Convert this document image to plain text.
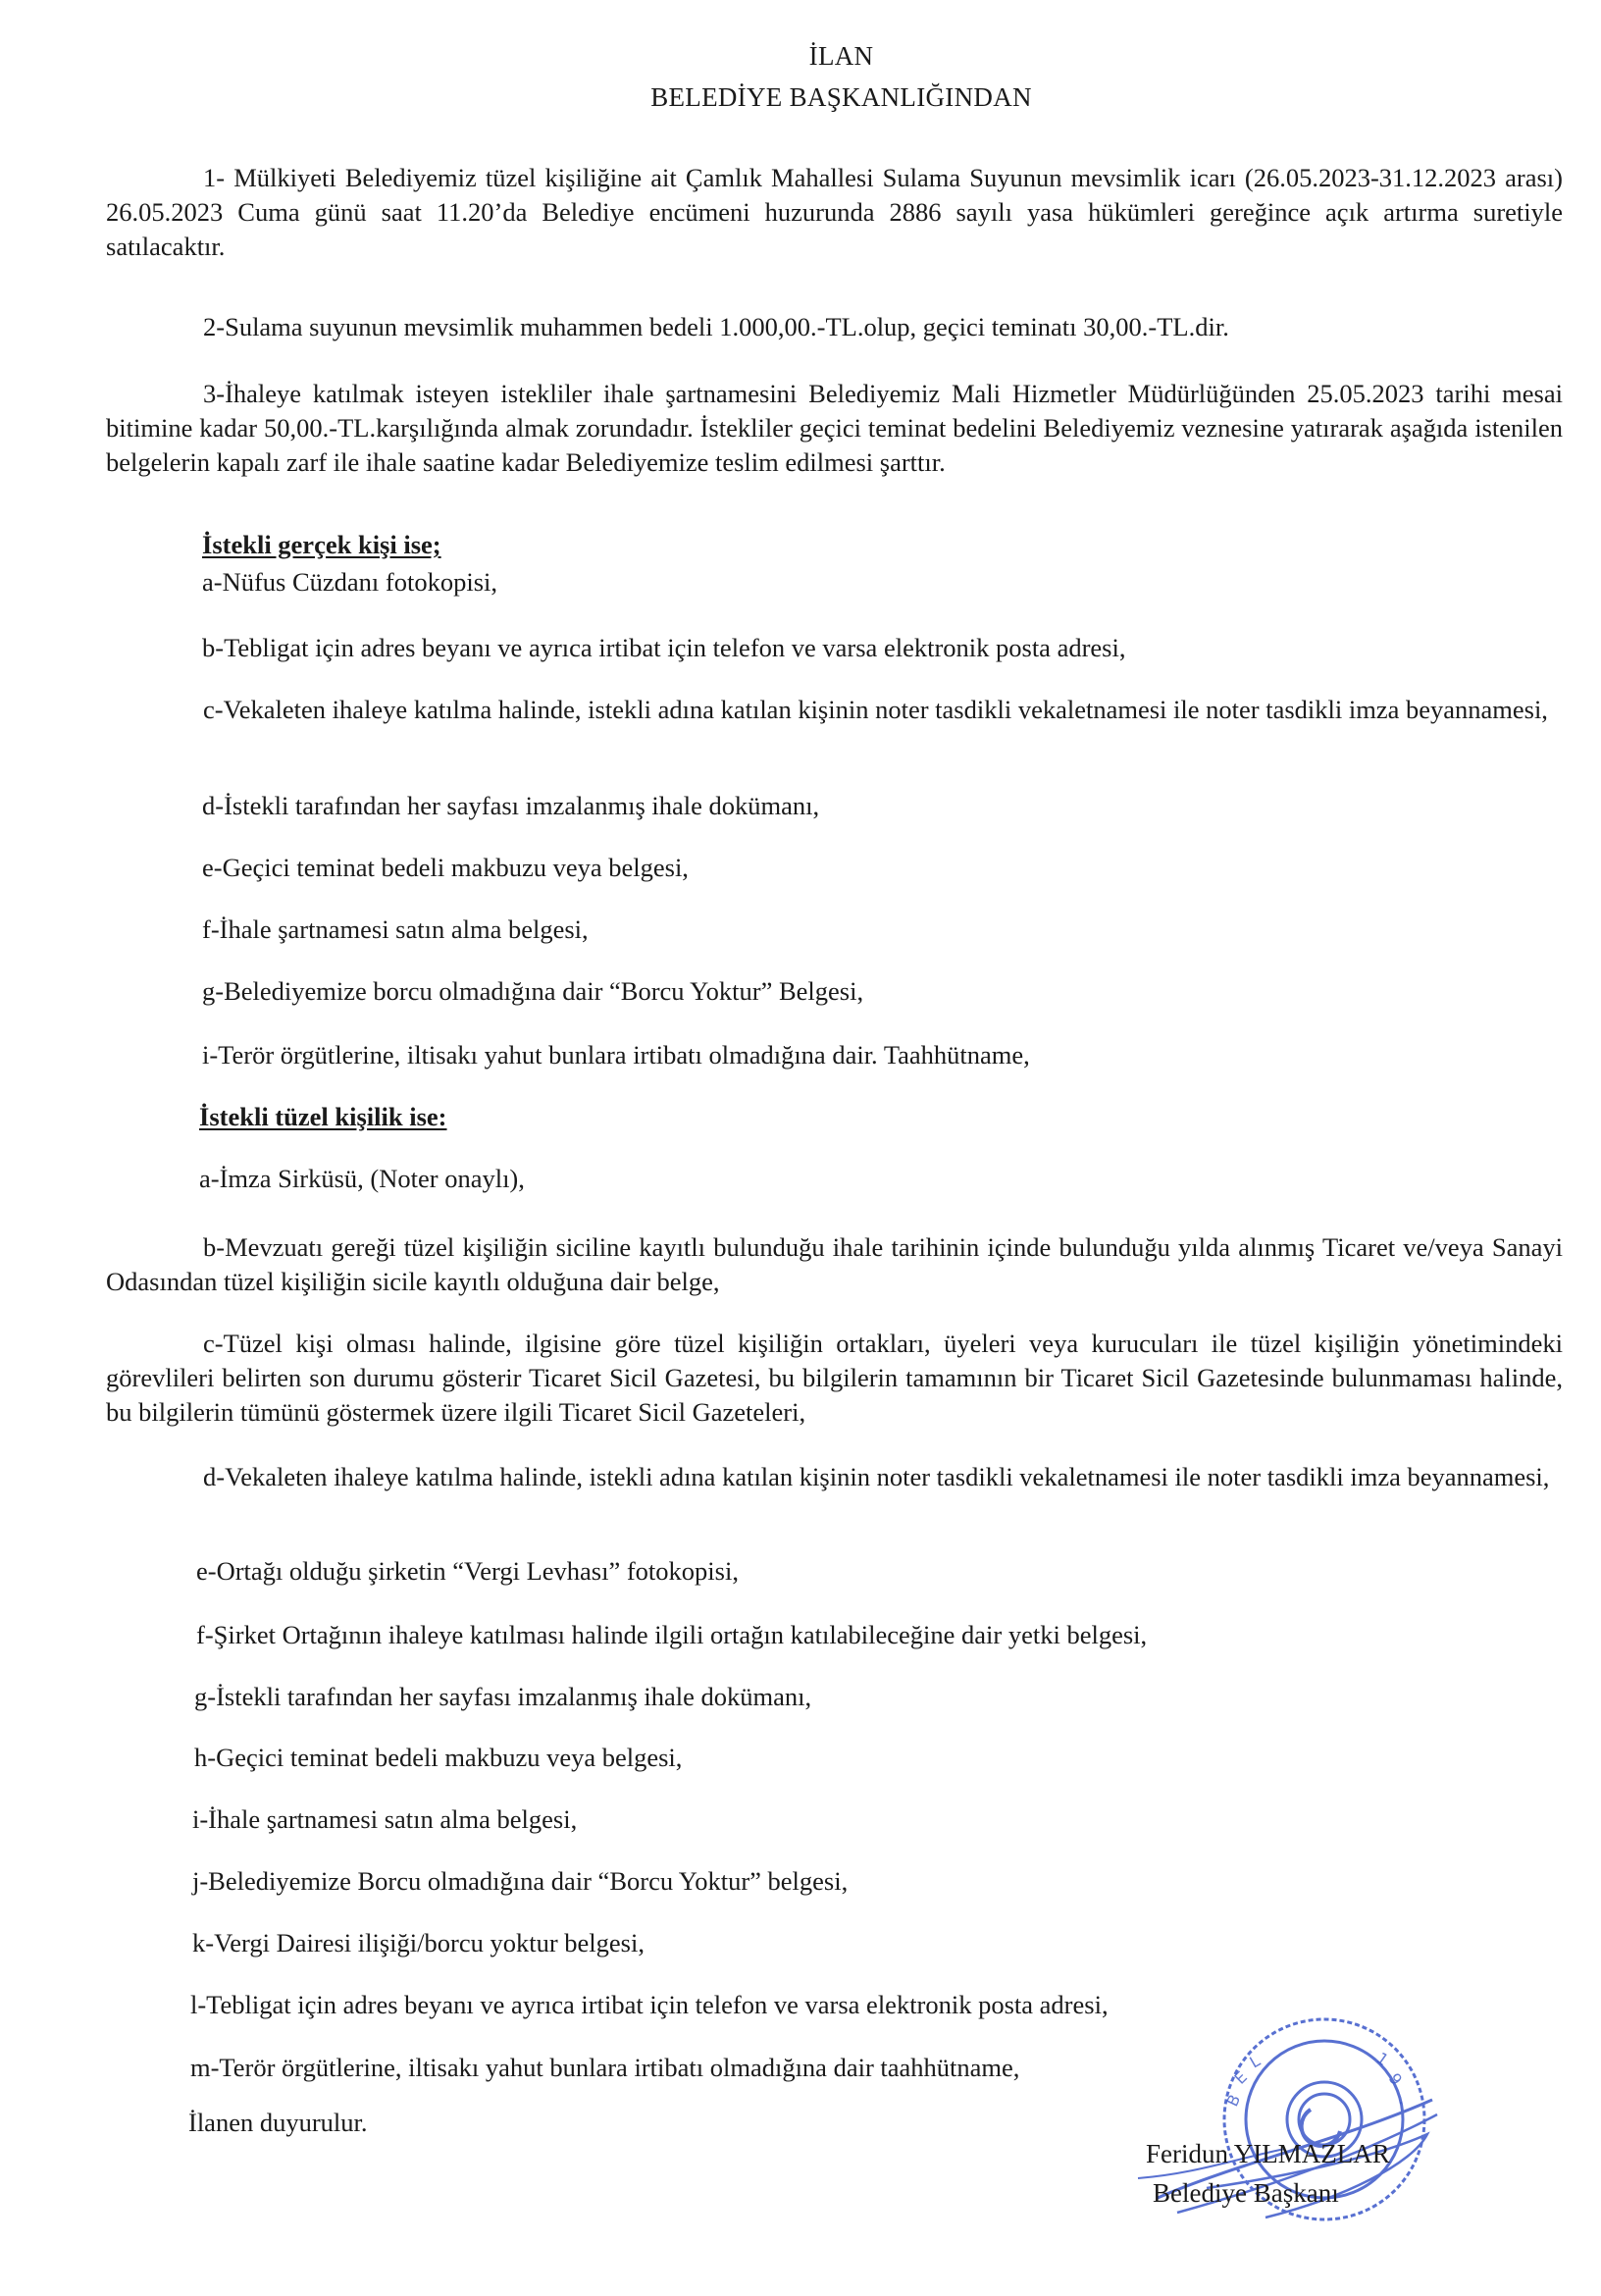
İLAN
BELEDİYE BAŞKANLIĞINDAN

1- Mülkiyeti Belediyemiz tüzel kişiliğine ait Çamlık Mahallesi Sulama Suyunun mevsimlik icarı (26.05.2023-31.12.2023 arası) 26.05.2023 Cuma günü saat 11.20’da Belediye encümeni huzurunda 2886 sayılı yasa hükümleri gereğince açık artırma suretiyle satılacaktır.

2-Sulama suyunun mevsimlik muhammen bedeli 1.000,00.-TL.olup, geçici teminatı 30,00.-TL.dir.

3-İhaleye katılmak isteyen istekliler ihale şartnamesini Belediyemiz Mali Hizmetler Müdürlüğünden 25.05.2023 tarihi mesai bitimine kadar 50,00.-TL.karşılığında almak zorundadır. İstekliler geçici teminat bedelini Belediyemiz veznesine yatırarak aşağıda istenilen belgelerin kapalı zarf ile ihale saatine kadar Belediyemize teslim edilmesi şarttır.

İstekli gerçek kişi ise;
a-Nüfus Cüzdanı fotokopisi,
b-Tebligat için adres beyanı ve ayrıca irtibat için telefon ve varsa elektronik posta adresi,

c-Vekaleten ihaleye katılma halinde, istekli adına katılan kişinin noter tasdikli vekaletnamesi ile noter tasdikli imza beyannamesi,

d-İstekli tarafından her sayfası imzalanmış ihale dokümanı,
e-Geçici teminat bedeli makbuzu veya belgesi,
f-İhale şartnamesi satın alma belgesi,
g-Belediyemize borcu olmadığına dair “Borcu Yoktur” Belgesi,
i-Terör örgütlerine, iltisakı yahut bunlara irtibatı olmadığına dair. Taahhütname,
İstekli tüzel kişilik ise:
a-İmza Sirküsü, (Noter onaylı),

b-Mevzuatı gereği tüzel kişiliğin siciline kayıtlı bulunduğu ihale tarihinin içinde bulunduğu yılda alınmış Ticaret ve/veya Sanayi Odasından tüzel kişiliğin sicile kayıtlı olduğuna dair belge,

c-Tüzel kişi olması halinde, ilgisine göre tüzel kişiliğin ortakları, üyeleri veya kurucuları ile tüzel kişiliğin yönetimindeki görevlileri belirten son durumu gösterir Ticaret Sicil Gazetesi, bu bilgilerin tamamının bir Ticaret Sicil Gazetesinde bulunmaması halinde, bu bilgilerin tümünü göstermek üzere ilgili Ticaret Sicil Gazeteleri,

d-Vekaleten ihaleye katılma halinde, istekli adına katılan kişinin noter tasdikli vekaletnamesi ile noter tasdikli imza beyannamesi,

e-Ortağı olduğu şirketin “Vergi Levhası” fotokopisi,
f-Şirket Ortağının ihaleye katılması halinde ilgili ortağın katılabileceğine dair yetki belgesi,
g-İstekli tarafından her sayfası imzalanmış ihale dokümanı,
h-Geçici teminat bedeli makbuzu veya belgesi,
i-İhale şartnamesi satın alma belgesi,
j-Belediyemize Borcu olmadığına dair “Borcu Yoktur” belgesi,
k-Vergi Dairesi ilişiği/borcu yoktur belgesi,
l-Tebligat için adres beyanı ve ayrıca irtibat için telefon ve varsa elektronik posta adresi,
m-Terör örgütlerine, iltisakı yahut bunlara irtibatı olmadığına dair taahhütname,
İlanen duyurulur.
B
E
L	1
9
·
Feridun YILMAZLAR
Belediye Başkanı
